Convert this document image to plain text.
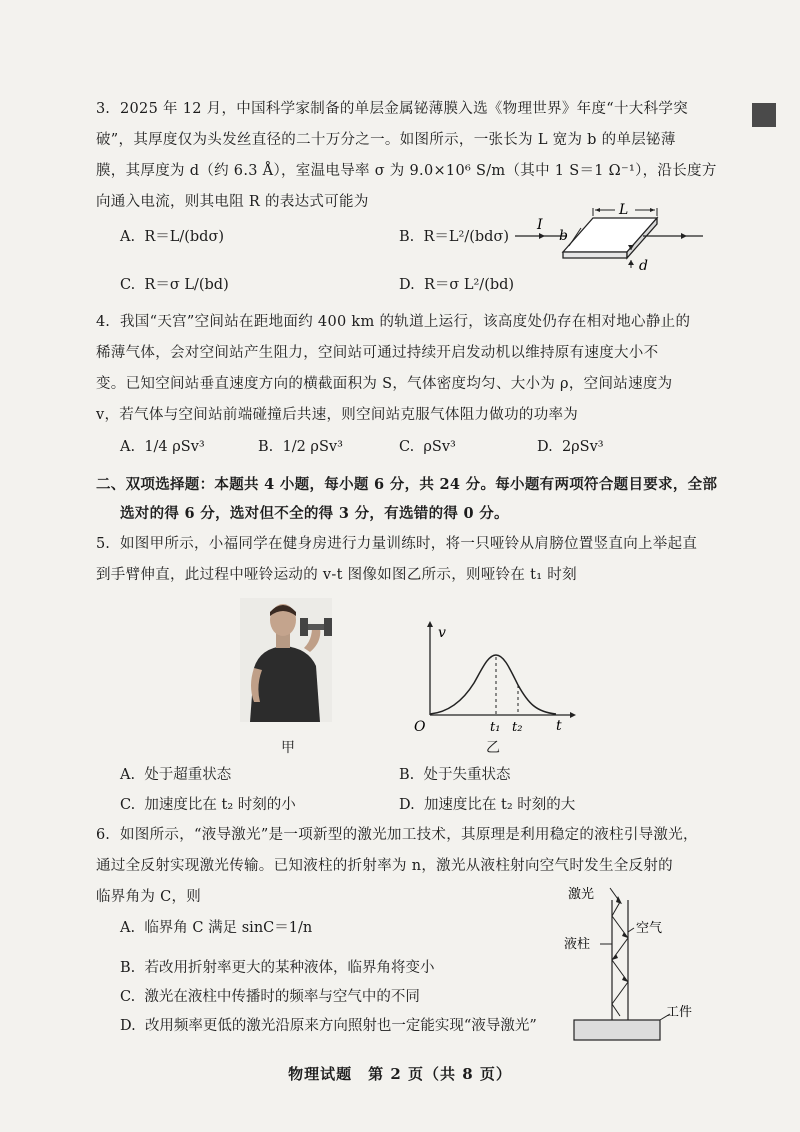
3. 2025 年 12 月，中国科学家制备的单层金属铋薄膜入选《物理世界》年度“十大科学突
破”，其厚度仅为头发丝直径的二十万分之一。如图所示，一张长为 L 宽为 b 的单层铋薄
膜，其厚度为 d（约 6.3 Å），室温电导率 σ 为 9.0×10⁶ S/m（其中 1 S＝1 Ω⁻¹），沿长度方
向通入电流，则其电阻 R 的表达式可能为
A. R＝L/(bdσ)	B. R＝L²/(bdσ)
C. R＝σ L/(bd)	D. R＝σ L²/(bd)
I
L
b
d
4. 我国“天宫”空间站在距地面约 400 km 的轨道上运行，该高度处仍存在相对地心静止的
稀薄气体，会对空间站产生阻力，空间站可通过持续开启发动机以维持原有速度大小不
变。已知空间站垂直速度方向的横截面积为 S，气体密度均匀、大小为 ρ，空间站速度为
v，若气体与空间站前端碰撞后共速，则空间站克服气体阻力做功的功率为
A. 1/4 ρSv³	B. 1/2 ρSv³	C. ρSv³	D. 2ρSv³
二、双项选择题：本题共 4 小题，每小题 6 分，共 24 分。每小题有两项符合题目要求，全部
选对的得 6 分，选对但不全的得 3 分，有选错的得 0 分。
5. 如图甲所示，小福同学在健身房进行力量训练时，将一只哑铃从肩膀位置竖直向上举起直
到手臂伸直，此过程中哑铃运动的 v-t 图像如图乙所示，则哑铃在 t₁ 时刻
甲
v
t
O	t₁ t₂
乙
A. 处于超重状态	B. 处于失重状态
C. 加速度比在 t₂ 时刻的小	D. 加速度比在 t₂ 时刻的大
6. 如图所示，“液导激光”是一项新型的激光加工技术，其原理是利用稳定的液柱引导激光，
通过全反射实现激光传输。已知液柱的折射率为 n，激光从液柱射向空气时发生全反射的
临界角为 C，则
A. 临界角 C 满足 sinC＝1/n
B. 若改用折射率更大的某种液体，临界角将变小
C. 激光在液柱中传播时的频率与空气中的不同
D. 改用频率更低的激光沿原来方向照射也一定能实现“液导激光”
激光
空气
液柱
工件
物理试题　第 2 页（共 8 页）
